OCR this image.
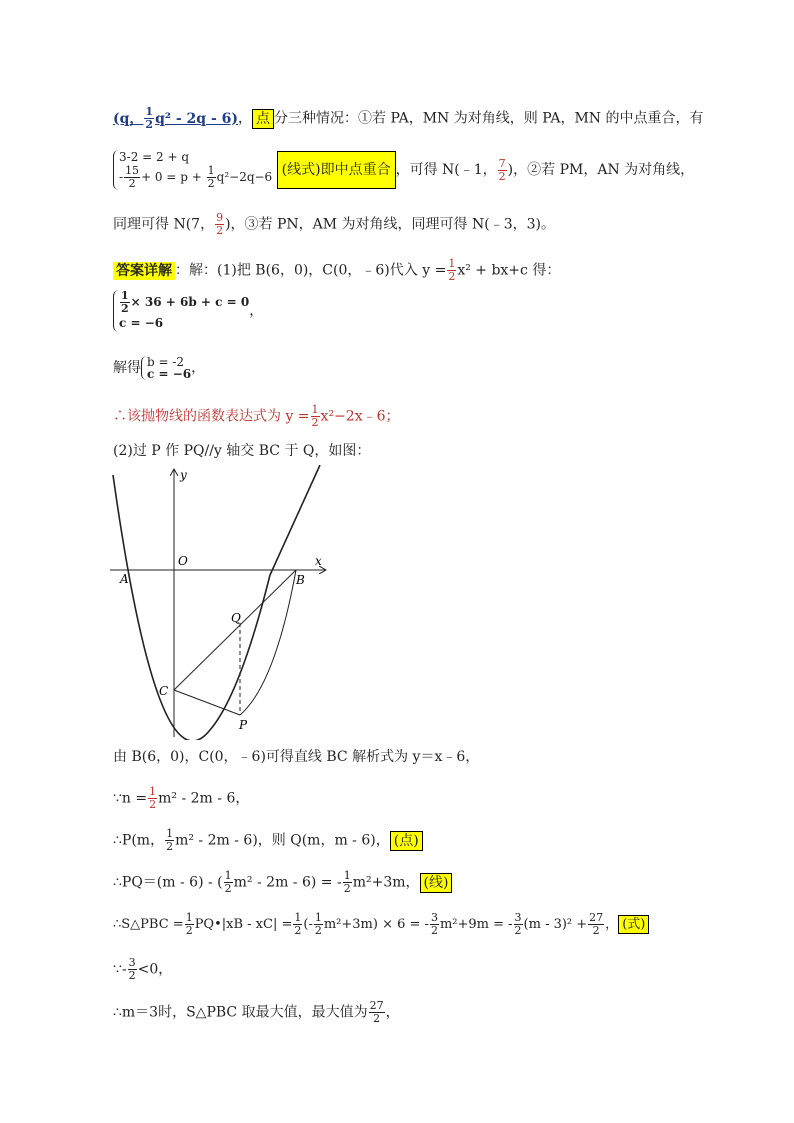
(q， $\frac{1}{2} q^2 - 2q - 6$)， 点 分三种情况：①若 PA，MN 为对角线，则 PA，MN 的中点重合，有
3-2 = 2 + q
- $\frac{15}{2} + 0 = p + \frac{1}{2} q^2-2q-6$ (线式)即中点重合 ，可得 N(﹣1， $\frac{7}{2}$ )，②若 PM，AN 为对角线，
同理可得 N(7， $\frac{9}{2}$ )，③若 PN，AM 为对角线，同理可得 N(﹣3，3)。
答案详解 ：解：(1)把 B(6，0)，C(0，﹣6)代入 $y = \frac{1}{2} x^2 + bx+c$ 得：
$\frac{1}{2} \times 36 + 6b + c = 0$
c = −6
，
解得 b = -2
c = −6 ，
∴该抛物线的函数表达式为 $y = \frac{1}{2}$ x²−2x﹣6；
(2)过 P 作 PQ//y 轴交 BC 于 Q，如图：
y
x
O
A	B
C
P
Q
由 B(6，0)，C(0，﹣6)可得直线 BC 解析式为 y＝x﹣6，
∵n = $\frac{1}{2} m^2 - 2m - 6$，
∴P(m， $\frac{1}{2} m^2 - 2m - 6$)，则 Q(m，m - 6)， (点)
∴PQ＝(m - 6) - ( $\frac{1}{2} m^2 - 2m - 6$) = - $\frac{1}{2} m^2+3m$， (线)
∴S△PBC = $\frac{1}{2}$ PQ•|xB - $xC| = \frac{1}{2}$ (- $\frac{1}{2} m^2+3m) \times 6$ = - $\frac{3}{2} m^2+9m$ = - $\frac{3}{2} (m - 3)^2 + \frac{27}{2}$ ， (式)
∵- $\frac{3}{2} <0$，
∴m＝3时，S△PBC 取最大值，最大值为 $\frac{27}{2}$ ，
